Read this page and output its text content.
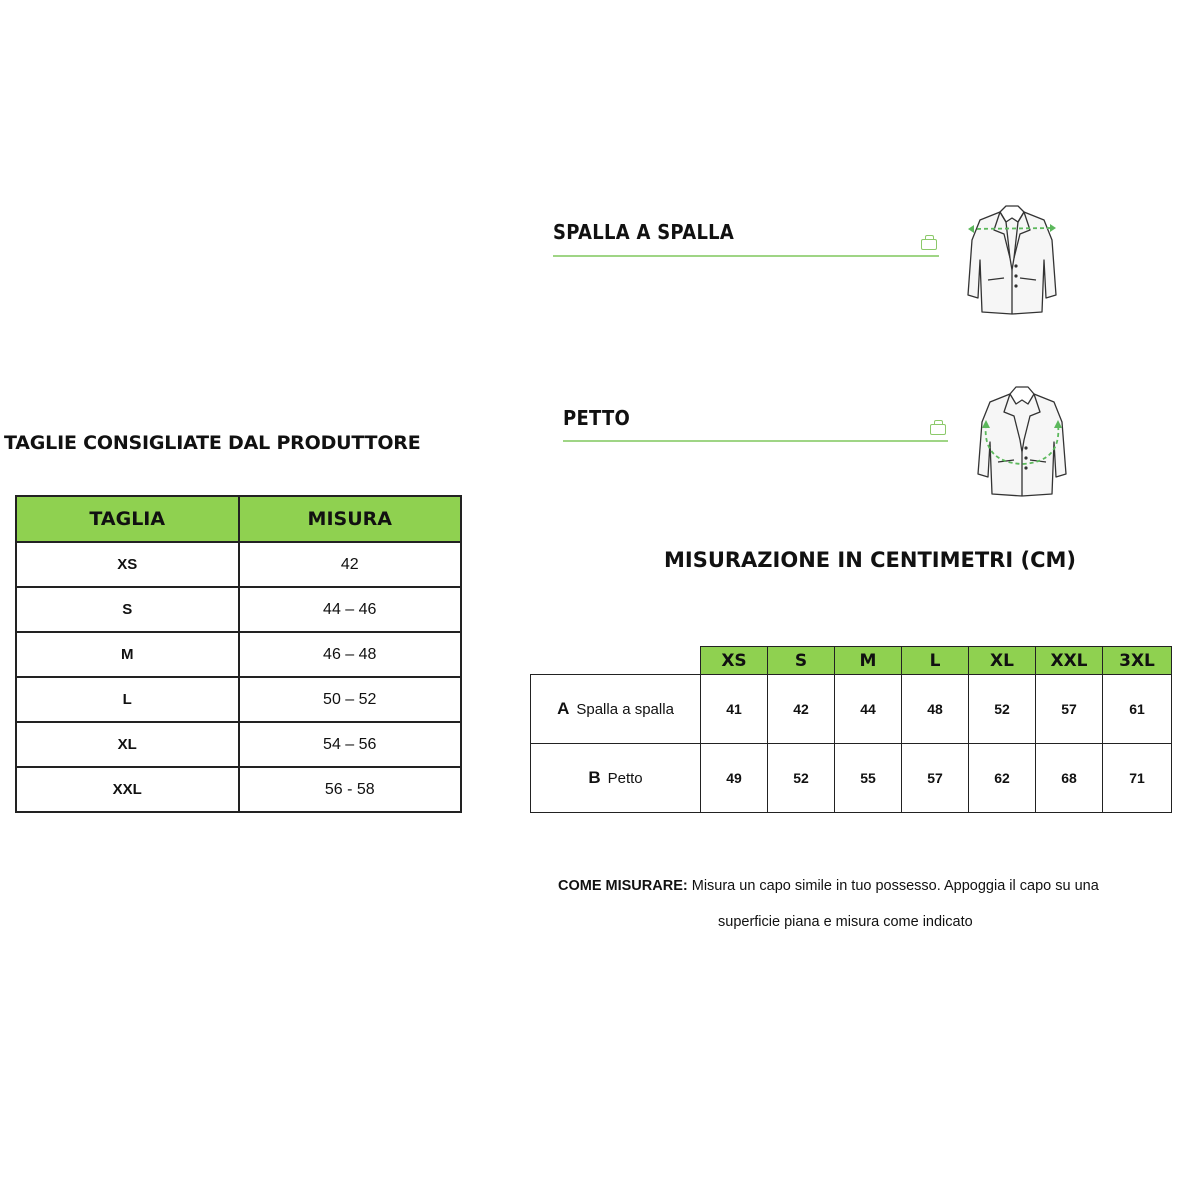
TAGLIE CONSIGLIATE DAL PRODUTTORE
TAGLIA	MISURA
XS	42
S	44 – 46
M	46 – 48
L	50 – 52
XL	54 – 56
XXL	56 - 58
SPALLA A SPALLA
PETTO
MISURAZIONE IN CENTIMETRI (CM)
	XS	S	M	L	XL	XXL	3XL
A Spalla a spalla	41	42	44	48	52	57	61
B Petto	49	52	55	57	62	68	71
COME MISURARE: Misura un capo simile in tuo possesso. Appoggia il capo su una
superficie piana e misura come indicato
